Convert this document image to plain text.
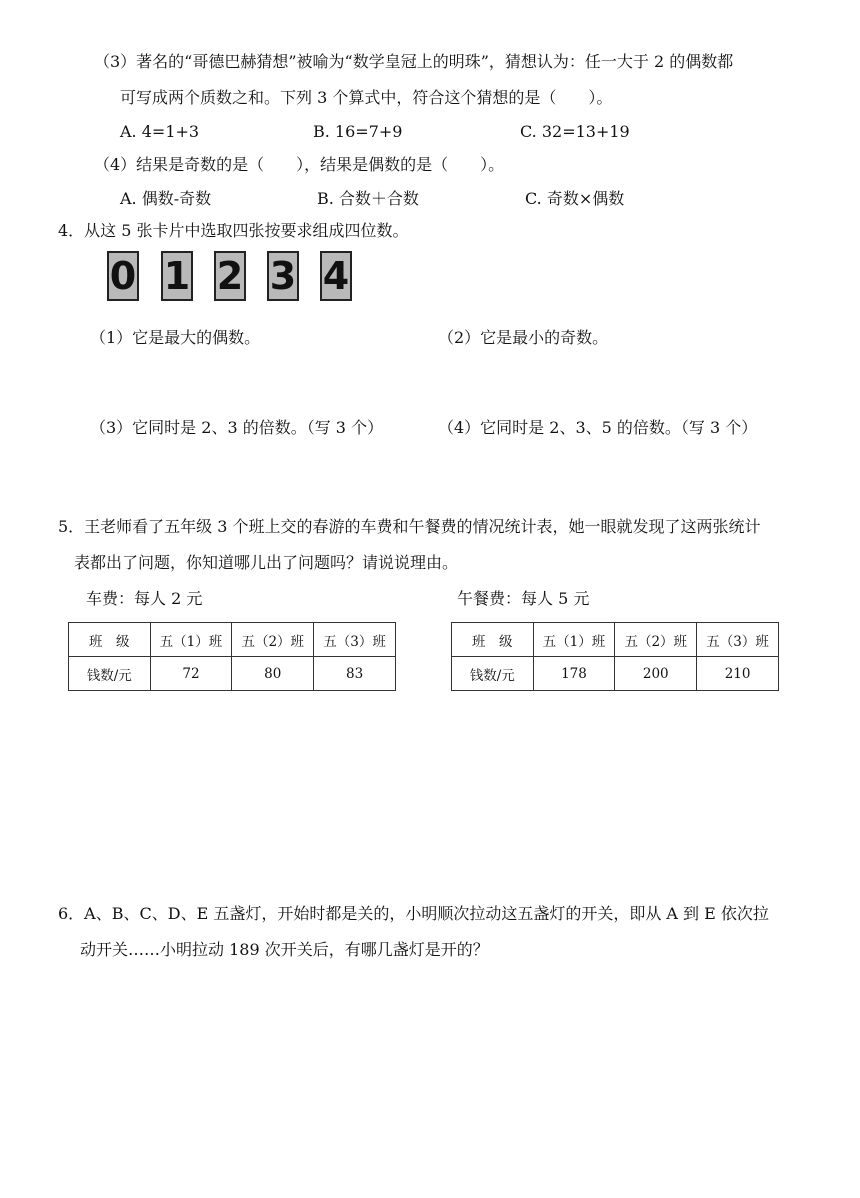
（3）著名的“哥德巴赫猜想”被喻为“数学皇冠上的明珠”，猜想认为：任一大于 2 的偶数都
可写成两个质数之和。下列 3 个算式中，符合这个猜想的是（　　）。
A. 4=1+3	B. 16=7+9	C. 32=13+19
（4）结果是奇数的是（　　），结果是偶数的是（　　）。
A. 偶数-奇数	B. 合数＋合数	C. 奇数×偶数
4．从这 5 张卡片中选取四张按要求组成四位数。
0 1 2 3 4
（1）它是最大的偶数。	（2）它是最小的奇数。
（3）它同时是 2、3 的倍数。（写 3 个）	（4）它同时是 2、3、5 的倍数。（写 3 个）
5．王老师看了五年级 3 个班上交的春游的车费和午餐费的情况统计表，她一眼就发现了这两张统计
表都出了问题，你知道哪儿出了问题吗？请说说理由。
车费：每人 2 元
班　级	五（1）班	五（2）班	五（3）班
钱数/元	72	80	83
午餐费：每人 5 元
班　级	五（1）班	五（2）班	五（3）班
钱数/元	178	200	210
6．A、B、C、D、E 五盏灯，开始时都是关的，小明顺次拉动这五盏灯的开关，即从 A 到 E 依次拉
动开关……小明拉动 189 次开关后，有哪几盏灯是开的？
